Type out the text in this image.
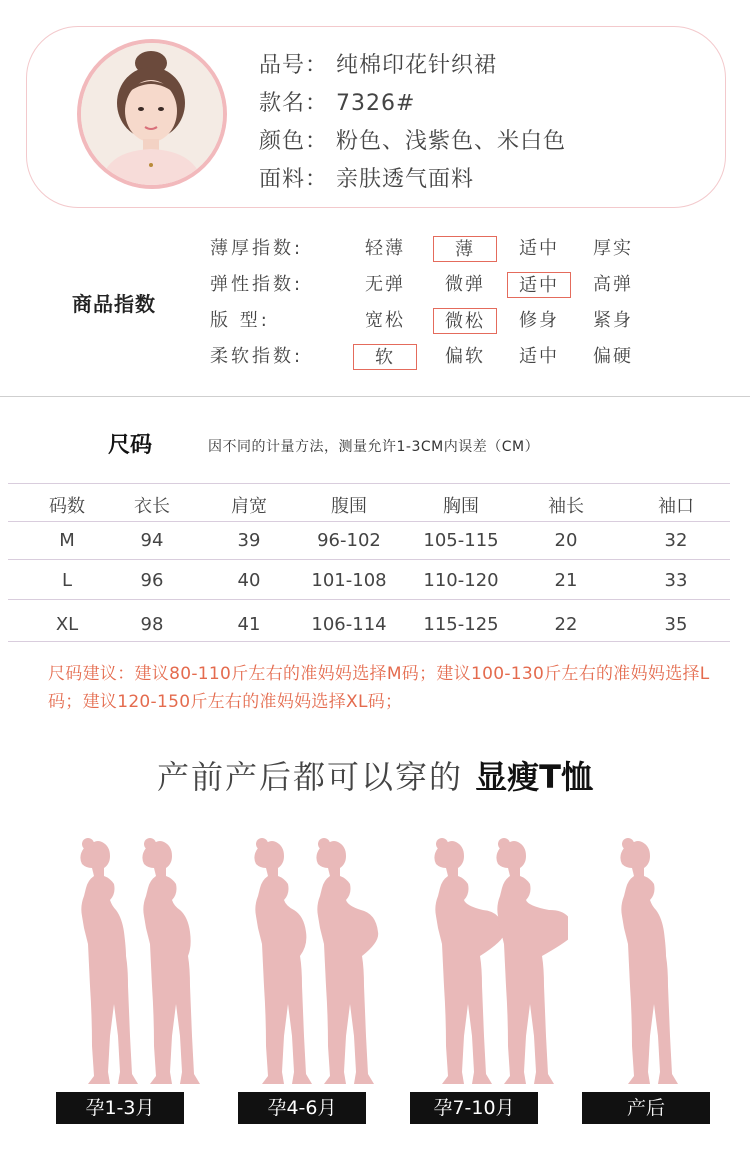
品号： 纯棉印花针织裙
款名： 7326#
颜色： 粉色、浅紫色、米白色
面料： 亲肤透气面料
商品指数
薄厚指数:	轻薄	薄	适中	厚实
弹性指数:	无弹	微弹	适中	高弹
版 型:	宽松	微松	修身	紧身
柔软指数:	软	偏软	适中	偏硬
尺码	因不同的计量方法，测量允许1-3CM内误差（CM）
码数	衣长	肩宽	腹围	胸围	袖长	袖口
M	94	39	96-102	105-115	20	32
L	96	40	101-108	110-120	21	33
XL	98	41	106-114	115-125	22	35
尺码建议：建议80-110斤左右的准妈妈选择M码；建议100-130斤左右的准妈妈选择L码；建议120-150斤左右的准妈妈选择XL码；
产前产后都可以穿的 显瘦T恤
孕1-3月	孕4-6月	孕7-10月	产后
